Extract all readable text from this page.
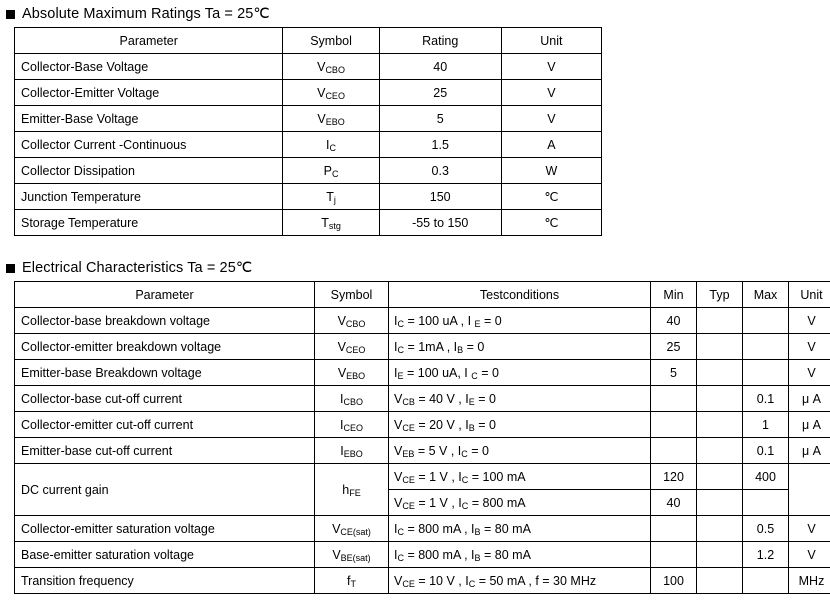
Absolute Maximum Ratings Ta = 25℃
Parameter	Symbol	Rating	Unit
Collector-Base Voltage	$V_{CBO}$	40	V
Collector-Emitter Voltage	$V_{CEO}$	25	V
Emitter-Base Voltage	$V_{EBO}$	5	V
Collector Current -Continuous	$I_C$	1.5	A
Collector Dissipation	$P_C$	0.3	W
Junction Temperature	$T_j$	150	℃
Storage Temperature	$T_{stg}$	-55 to 150	℃
Electrical Characteristics Ta = 25℃
Parameter	Symbol	Testconditions	Min	Typ	Max	Unit
Collector-base breakdown voltage	$V_{CBO}$	$I_C = 100$ uA , I $_E$ = 0	40			V
Collector-emitter breakdown voltage	$V_{CEO}$	$I_C = 1mA$ , $I_B = 0$	25			V
Emitter-base Breakdown voltage	$V_{EBO}$	$I_E = 100$ uA, I $_C$ = 0	5			V
Collector-base cut-off current	$I_{CBO}$	$V_{CB} = 40$ V , $I_E = 0$			0.1	μ A
Collector-emitter cut-off current	$I_{CEO}$	$V_{CE} = 20$ V , $I_B = 0$			1	μ A
Emitter-base cut-off current	$I_{EBO}$	$V_{EB} = 5$ V , $I_C = 0$			0.1	μ A
DC current gain	$h_{FE}$	$V_{CE} = 1$ V , $I_C = 100$ mA	120		400	
		$V_{CE} = 1$ V , $I_C = 800$ mA	40			
Collector-emitter saturation voltage	$V_{CE(sat)}$	$I_C = 800$ mA , $I_B = 80$ mA			0.5	V
Base-emitter saturation voltage	$V_{BE(sat)}$	$I_C = 800$ mA , $I_B = 80$ mA			1.2	V
Transition frequency	$f_T$	$V_{CE} = 10$ V , $I_C = 50$ mA , f = 30 MHz	100			MHz
